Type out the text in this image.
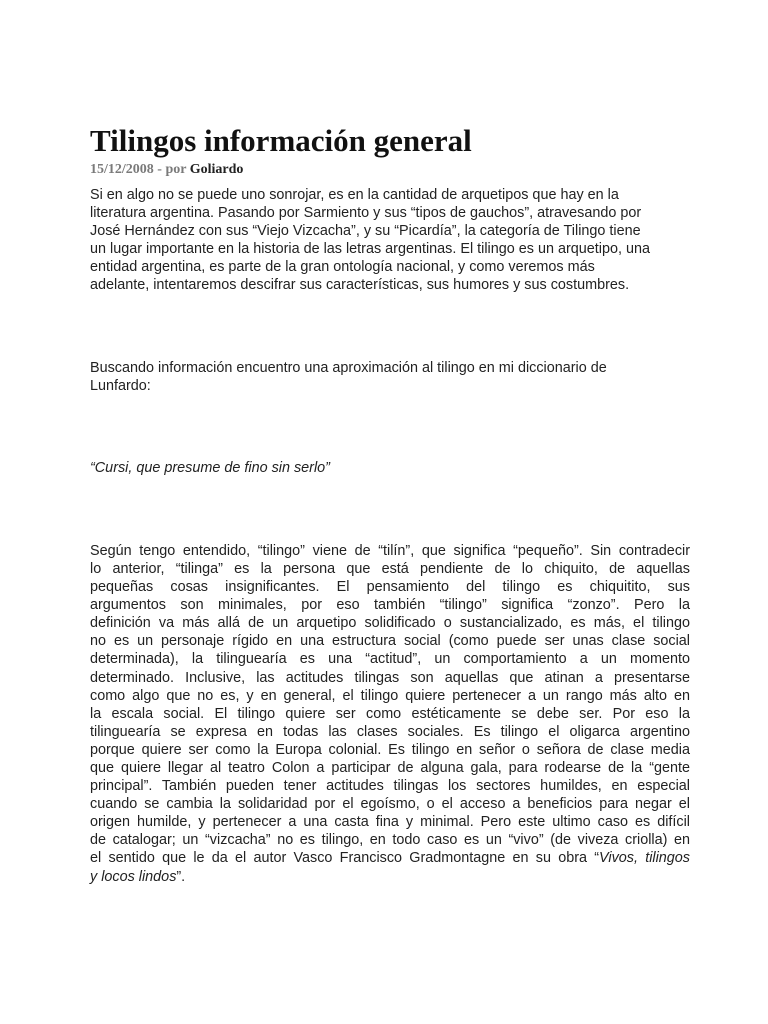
Tilingos información general
15/12/2008 - por Goliardo

Si en algo no se puede uno sonrojar, es en la cantidad de arquetipos que hay en la
literatura argentina. Pasando por Sarmiento y sus “tipos de gauchos”, atravesando por
José Hernández con sus “Viejo Vizcacha”, y su “Picardía”, la categoría de Tilingo tiene
un lugar importante en la historia de las letras argentinas. El tilingo es un arquetipo, una
entidad argentina, es parte de la gran ontología nacional, y como veremos más
adelante, intentaremos descifrar sus características, sus humores y sus costumbres.

Buscando información encuentro una aproximación al tilingo en mi diccionario de
Lunfardo:

“Cursi, que presume de fino sin serlo”

Según tengo entendido, “tilingo” viene de “tilín”, que significa “pequeño”. Sin contradecir
lo anterior, “tilinga” es la persona que está pendiente de lo chiquito, de aquellas
pequeñas cosas insignificantes. El pensamiento del tilingo es chiquitito, sus
argumentos son minimales, por eso también “tilingo” significa “zonzo”. Pero la
definición va más allá de un arquetipo solidificado o sustancializado, es más, el tilingo
no es un personaje rígido en una estructura social (como puede ser unas clase social
determinada), la tilinguearía es una “actitud”, un comportamiento a un momento
determinado. Inclusive, las actitudes tilingas son aquellas que atinan a presentarse
como algo que no es, y en general, el tilingo quiere pertenecer a un rango más alto en
la escala social. El tilingo quiere ser como estéticamente se debe ser. Por eso la
tilinguearía se expresa en todas las clases sociales. Es tilingo el oligarca argentino
porque quiere ser como la Europa colonial. Es tilingo en señor o señora de clase media
que quiere llegar al teatro Colon a participar de alguna gala, para rodearse de la “gente
principal”. También pueden tener actitudes tilingas los sectores humildes, en especial
cuando se cambia la solidaridad por el egoísmo, o el acceso a beneficios para negar el
origen humilde, y pertenecer a una casta fina y minimal. Pero este ultimo caso es difícil
de catalogar; un “vizcacha” no es tilingo, en todo caso es un “vivo” (de viveza criolla) en
el sentido que le da el autor Vasco Francisco Gradmontagne en su obra “Vivos, tilingos
y locos lindos”.
